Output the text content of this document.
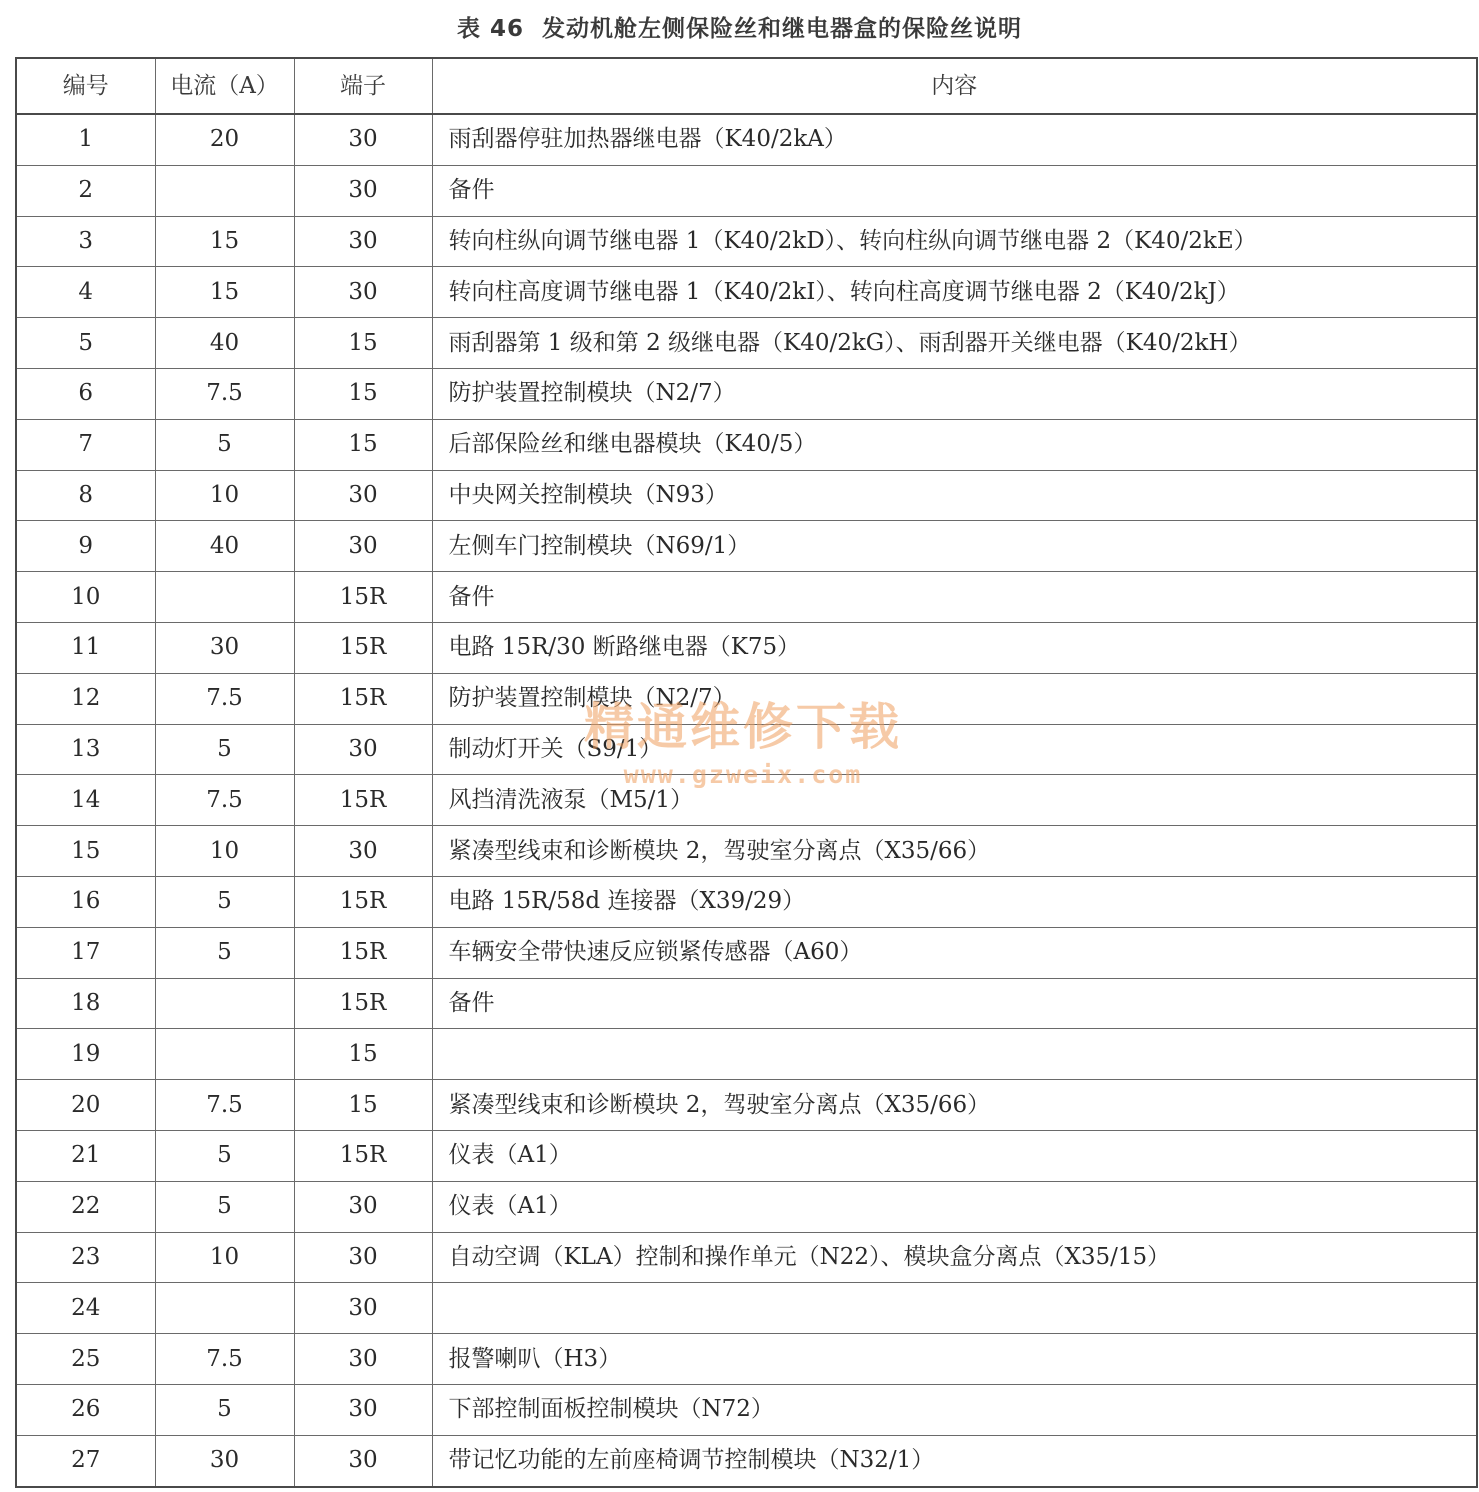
表 46 发动机舱左侧保险丝和继电器盒的保险丝说明
编号	电流（A）	端子	内容
1	20	30	雨刮器停驻加热器继电器（K40/2kA）
2		30	备件
3	15	30	转向柱纵向调节继电器 1（K40/2kD）、转向柱纵向调节继电器 2（K40/2kE）
4	15	30	转向柱高度调节继电器 1（K40/2kI）、转向柱高度调节继电器 2（K40/2kJ）
5	40	15	雨刮器第 1 级和第 2 级继电器（K40/2kG）、雨刮器开关继电器（K40/2kH）
6	7.5	15	防护装置控制模块（N2/7）
7	5	15	后部保险丝和继电器模块（K40/5）
8	10	30	中央网关控制模块（N93）
9	40	30	左侧车门控制模块（N69/1）
10		15R	备件
11	30	15R	电路 15R/30 断路继电器（K75）
12	7.5	15R	防护装置控制模块（N2/7）
13	5	30	制动灯开关（S9/1）
14	7.5	15R	风挡清洗液泵（M5/1）
15	10	30	紧凑型线束和诊断模块 2，驾驶室分离点（X35/66）
16	5	15R	电路 15R/58d 连接器（X39/29）
17	5	15R	车辆安全带快速反应锁紧传感器（A60）
18		15R	备件
19		15	
20	7.5	15	紧凑型线束和诊断模块 2，驾驶室分离点（X35/66）
21	5	15R	仪表（A1）
22	5	30	仪表（A1）
23	10	30	自动空调（KLA）控制和操作单元（N22）、模块盒分离点（X35/15）
24		30	
25	7.5	30	报警喇叭（H3）
26	5	30	下部控制面板控制模块（N72）
27	30	30	带记忆功能的左前座椅调节控制模块（N32/1）
精通维修下载
www.gzweix.com
